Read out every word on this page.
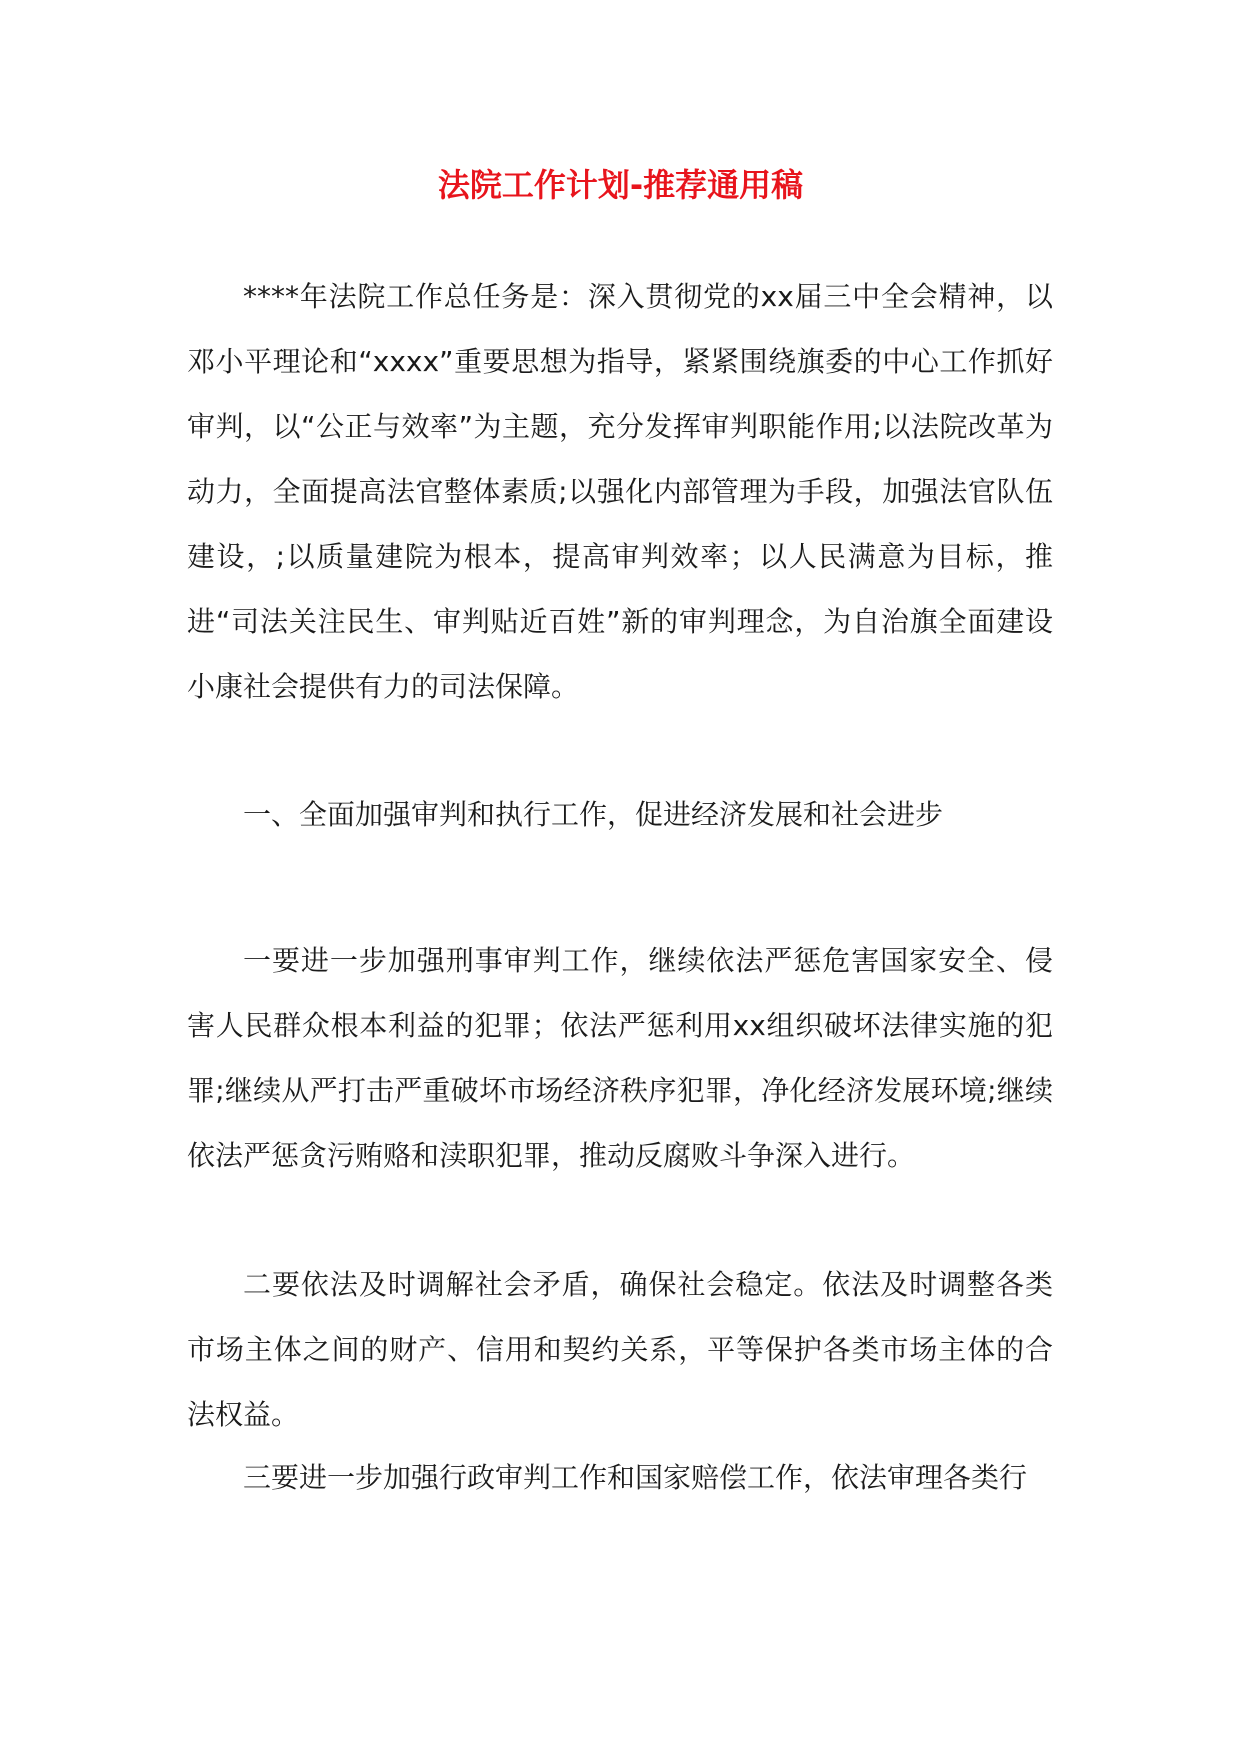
法院工作计划-推荐通用稿

****年法院工作总任务是：深入贯彻党的xx届三中全会精神，以邓小平理论和“xxxx”重要思想为指导，紧紧围绕旗委的中心工作抓好审判，以“公正与效率”为主题，充分发挥审判职能作用;以法院改革为动力，全面提高法官整体素质;以强化内部管理为手段，加强法官队伍建设，;以质量建院为根本，提高审判效率；以人民满意为目标，推进“司法关注民生、审判贴近百姓”新的审判理念，为自治旗全面建设小康社会提供有力的司法保障。

一、全面加强审判和执行工作，促进经济发展和社会进步

一要进一步加强刑事审判工作，继续依法严惩危害国家安全、侵害人民群众根本利益的犯罪；依法严惩利用xx组织破坏法律实施的犯罪;继续从严打击严重破坏市场经济秩序犯罪，净化经济发展环境;继续依法严惩贪污贿赂和渎职犯罪，推动反腐败斗争深入进行。

二要依法及时调解社会矛盾，确保社会稳定。依法及时调整各类市场主体之间的财产、信用和契约关系，平等保护各类市场主体的合法权益。

三要进一步加强行政审判工作和国家赔偿工作，依法审理各类行
